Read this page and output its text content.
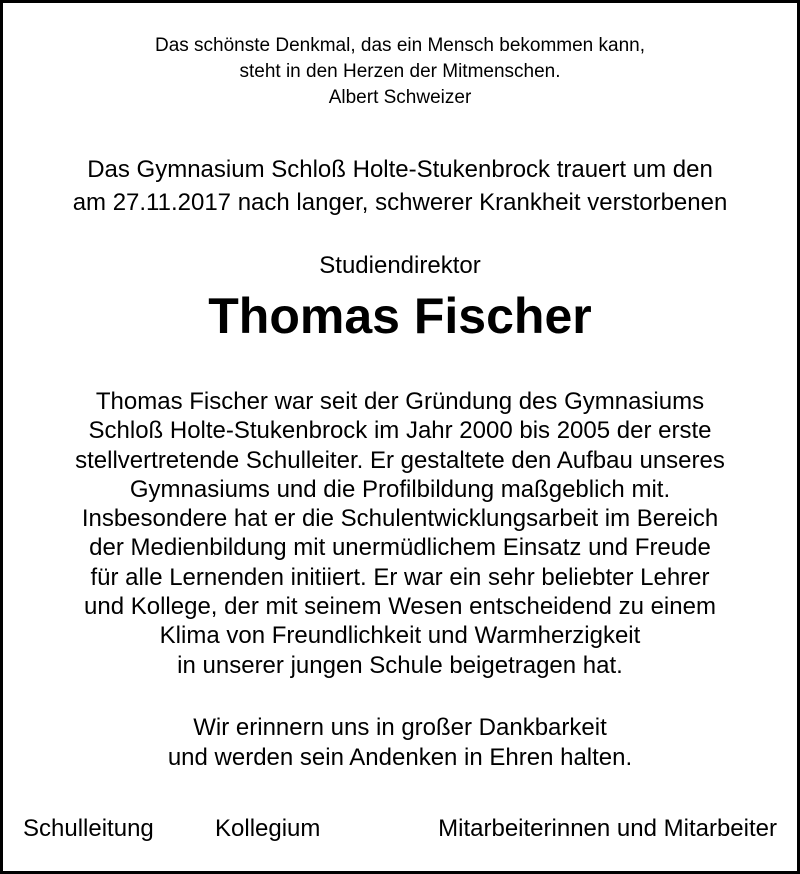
Das schönste Denkmal, das ein Mensch bekommen kann,
steht in den Herzen der Mitmenschen.
Albert Schweizer
Das Gymnasium Schloß Holte-Stukenbrock trauert um den
am 27.11.2017 nach langer, schwerer Krankheit verstorbenen
Studiendirektor
Thomas Fischer
Thomas Fischer war seit der Gründung des Gymnasiums
Schloß Holte-Stukenbrock im Jahr 2000 bis 2005 der erste
stellvertretende Schulleiter. Er gestaltete den Aufbau unseres
Gymnasiums und die Profilbildung maßgeblich mit.
Insbesondere hat er die Schulentwicklungsarbeit im Bereich
der Medienbildung mit unermüdlichem Einsatz und Freude
für alle Lernenden initiiert. Er war ein sehr beliebter Lehrer
und Kollege, der mit seinem Wesen entscheidend zu einem
Klima von Freundlichkeit und Warmherzigkeit
in unserer jungen Schule beigetragen hat.
Wir erinnern uns in großer Dankbarkeit
und werden sein Andenken in Ehren halten.
Schulleitung	Kollegium	Mitarbeiterinnen und Mitarbeiter
